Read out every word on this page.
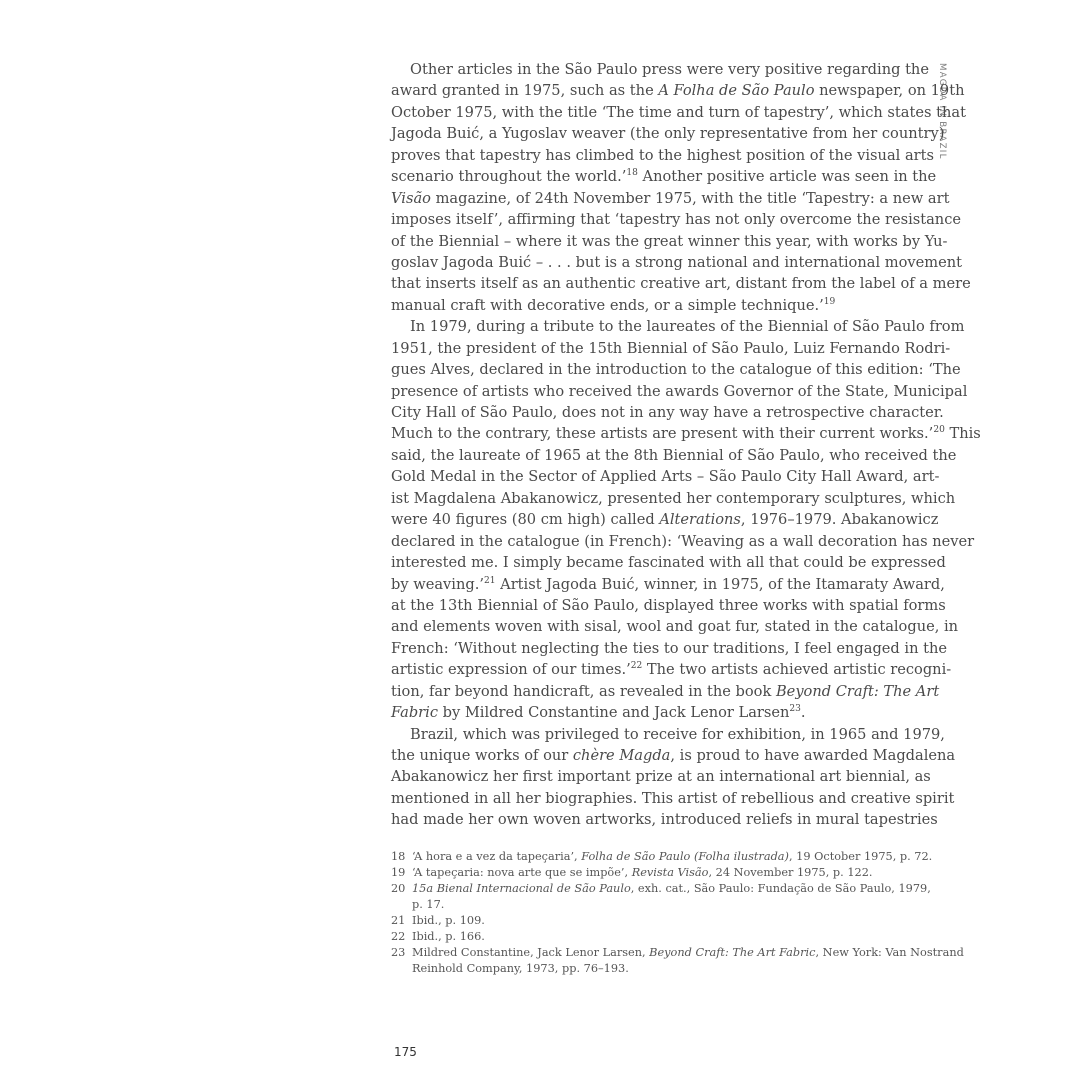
MAGDA IN BRAZIL
Other articles in the São Paulo press were very positive regarding the
award granted in 1975, such as the A Folha de São Paulo newspaper, on 19th
October 1975, with the title ‘The time and turn of tapestry’, which states that
Jagoda Buić, a Yugoslav weaver (the only representative from her country)
proves that tapestry has climbed to the highest position of the visual arts
scenario throughout the world.’$^{18}$ Another positive article was seen in the
Visão magazine, of 24th November 1975, with the title ‘Tapestry: a new art
imposes itself’, affirming that ‘tapestry has not only overcome the resistance
of the Biennial – where it was the great winner this year, with works by Yu-
goslav Jagoda Buić – . . . but is a strong national and international movement
that inserts itself as an authentic creative art, distant from the label of a mere
manual craft with decorative ends, or a simple technique.’$^{19}$
In 1979, during a tribute to the laureates of the Biennial of São Paulo from
1951, the president of the 15th Biennial of São Paulo, Luiz Fernando Rodri-
gues Alves, declared in the introduction to the catalogue of this edition: ‘The
presence of artists who received the awards Governor of the State, Municipal
City Hall of São Paulo, does not in any way have a retrospective character.
Much to the contrary, these artists are present with their current works.’$^{20}$ This
said, the laureate of 1965 at the 8th Biennial of São Paulo, who received the
Gold Medal in the Sector of Applied Arts – São Paulo City Hall Award, art-
ist Magdalena Abakanowicz, presented her contemporary sculptures, which
were 40 figures (80 cm high) called Alterations, 1976–1979. Abakanowicz
declared in the catalogue (in French): ‘Weaving as a wall decoration has never
interested me. I simply became fascinated with all that could be expressed
by weaving.’$^{21}$ Artist Jagoda Buić, winner, in 1975, of the Itamaraty Award,
at the 13th Biennial of São Paulo, displayed three works with spatial forms
and elements woven with sisal, wool and goat fur, stated in the catalogue, in
French: ‘Without neglecting the ties to our traditions, I feel engaged in the
artistic expression of our times.’$^{22}$ The two artists achieved artistic recogni-
tion, far beyond handicraft, as revealed in the book Beyond Craft: The Art
Fabric by Mildred Constantine and Jack Lenor Larsen$^{23}$.
Brazil, which was privileged to receive for exhibition, in 1965 and 1979,
the unique works of our chère Magda, is proud to have awarded Magdalena
Abakanowicz her first important prize at an international art biennial, as
mentioned in all her biographies. This artist of rebellious and creative spirit
had made her own woven artworks, introduced reliefs in mural tapestries
18 ‘A hora e a vez da tapeçaria’, Folha de São Paulo (Folha ilustrada), 19 October 1975, p. 72.
19 ‘A tapeçaria: nova arte que se impõe’, Revista Visão, 24 November 1975, p. 122.
20 15a Bienal Internacional de São Paulo, exh. cat., São Paulo: Fundação de São Paulo, 1979,
p. 17.
21 Ibid., p. 109.
22 Ibid., p. 166.
23 Mildred Constantine, Jack Lenor Larsen, Beyond Craft: The Art Fabric, New York: Van Nostrand
Reinhold Company, 1973, pp. 76–193.
175
